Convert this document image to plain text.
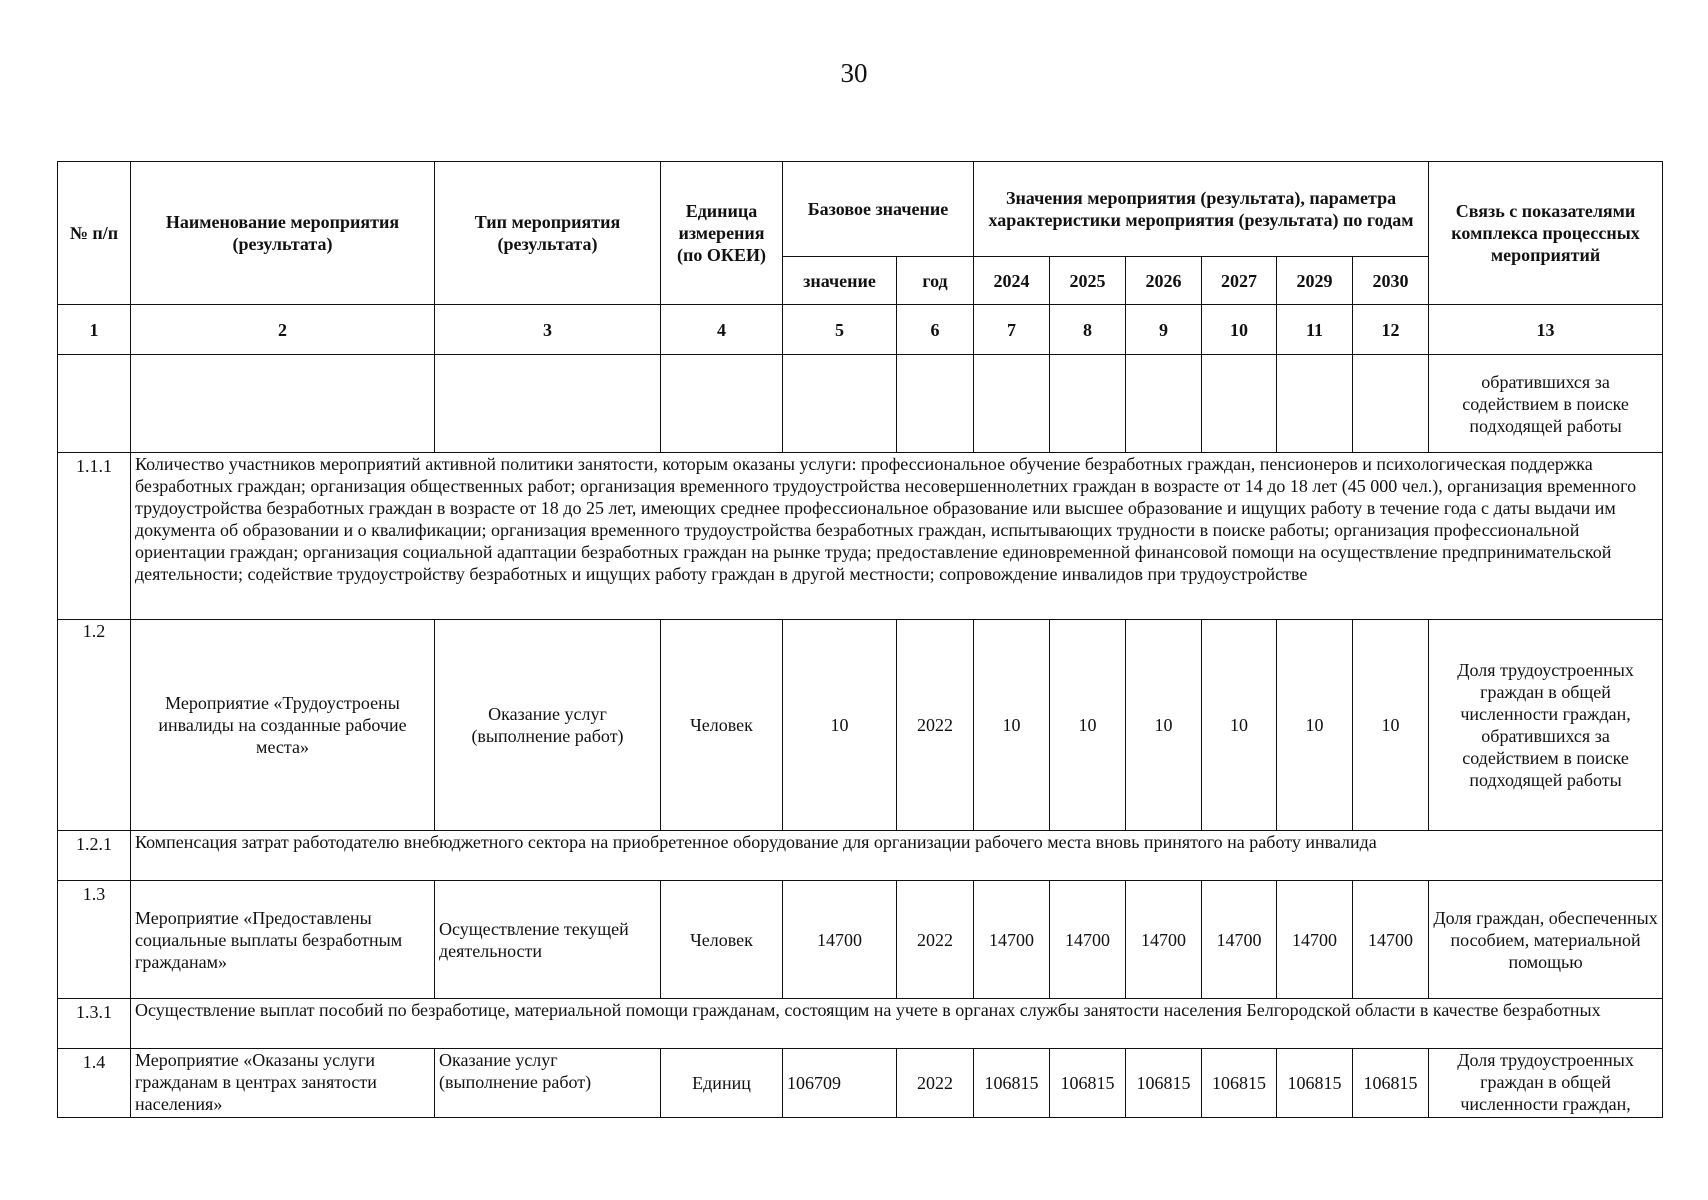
30
№ п/п	Наименование мероприятия (результата)	Тип мероприятия (результата)	Единица измерения (по ОКЕИ)	Базовое значение		Значения мероприятия (результата), параметра характеристики мероприятия (результата) по годам						Связь с показателями комплекса процессных мероприятий
				значение	год	2024	2025	2026	2027	2029	2030	
1	2	3	4	5	6	7	8	9	10	11	12	13
												обратившихся за содействием в поиске подходящей работы
1.1.1	Количество участников мероприятий активной политики занятости, которым оказаны услуги: профессиональное обучение безработных граждан, пенсионеров и психологическая поддержка безработных граждан; организация общественных работ; организация временного трудоустройства несовершеннолетних граждан в возрасте от 14 до 18 лет (45 000 чел.), организация временного трудоустройства безработных граждан в возрасте от 18 до 25 лет, имеющих среднее профессиональное образование или высшее образование и ищущих работу в течение года с даты выдачи им документа об образовании и о квалификации; организация временного трудоустройства безработных граждан, испытывающих трудности в поиске работы; организация профессиональной ориентации граждан; организация социальной адаптации безработных граждан на рынке труда; предоставление единовременной финансовой помощи на осуществление предпринимательской деятельности; содействие трудоустройству безработных и ищущих работу граждан в другой местности; сопровождение инвалидов при трудоустройстве											
1.2	Мероприятие «Трудоустроены инвалиды на созданные рабочие места»	Оказание услуг (выполнение работ)	Человек	10	2022	10	10	10	10	10	10	Доля трудоустроенных граждан в общей численности граждан, обратившихся за содействием в поиске подходящей работы
1.2.1	Компенсация затрат работодателю внебюджетного сектора на приобретенное оборудование для организации рабочего места вновь принятого на работу инвалида											
1.3	Мероприятие «Предоставлены социальные выплаты безработным гражданам»	Осуществление текущей деятельности	Человек	14700	2022	14700	14700	14700	14700	14700	14700	Доля граждан, обеспеченных пособием, материальной помощью
1.3.1	Осуществление выплат пособий по безработице, материальной помощи гражданам, состоящим на учете в органах службы занятости населения Белгородской области в качестве безработных											
1.4	Мероприятие «Оказаны услуги гражданам в центрах занятости населения»	Оказание услуг (выполнение работ)	Единиц	106709	2022	106815	106815	106815	106815	106815	106815	Доля трудоустроенных граждан в общей численности граждан,
